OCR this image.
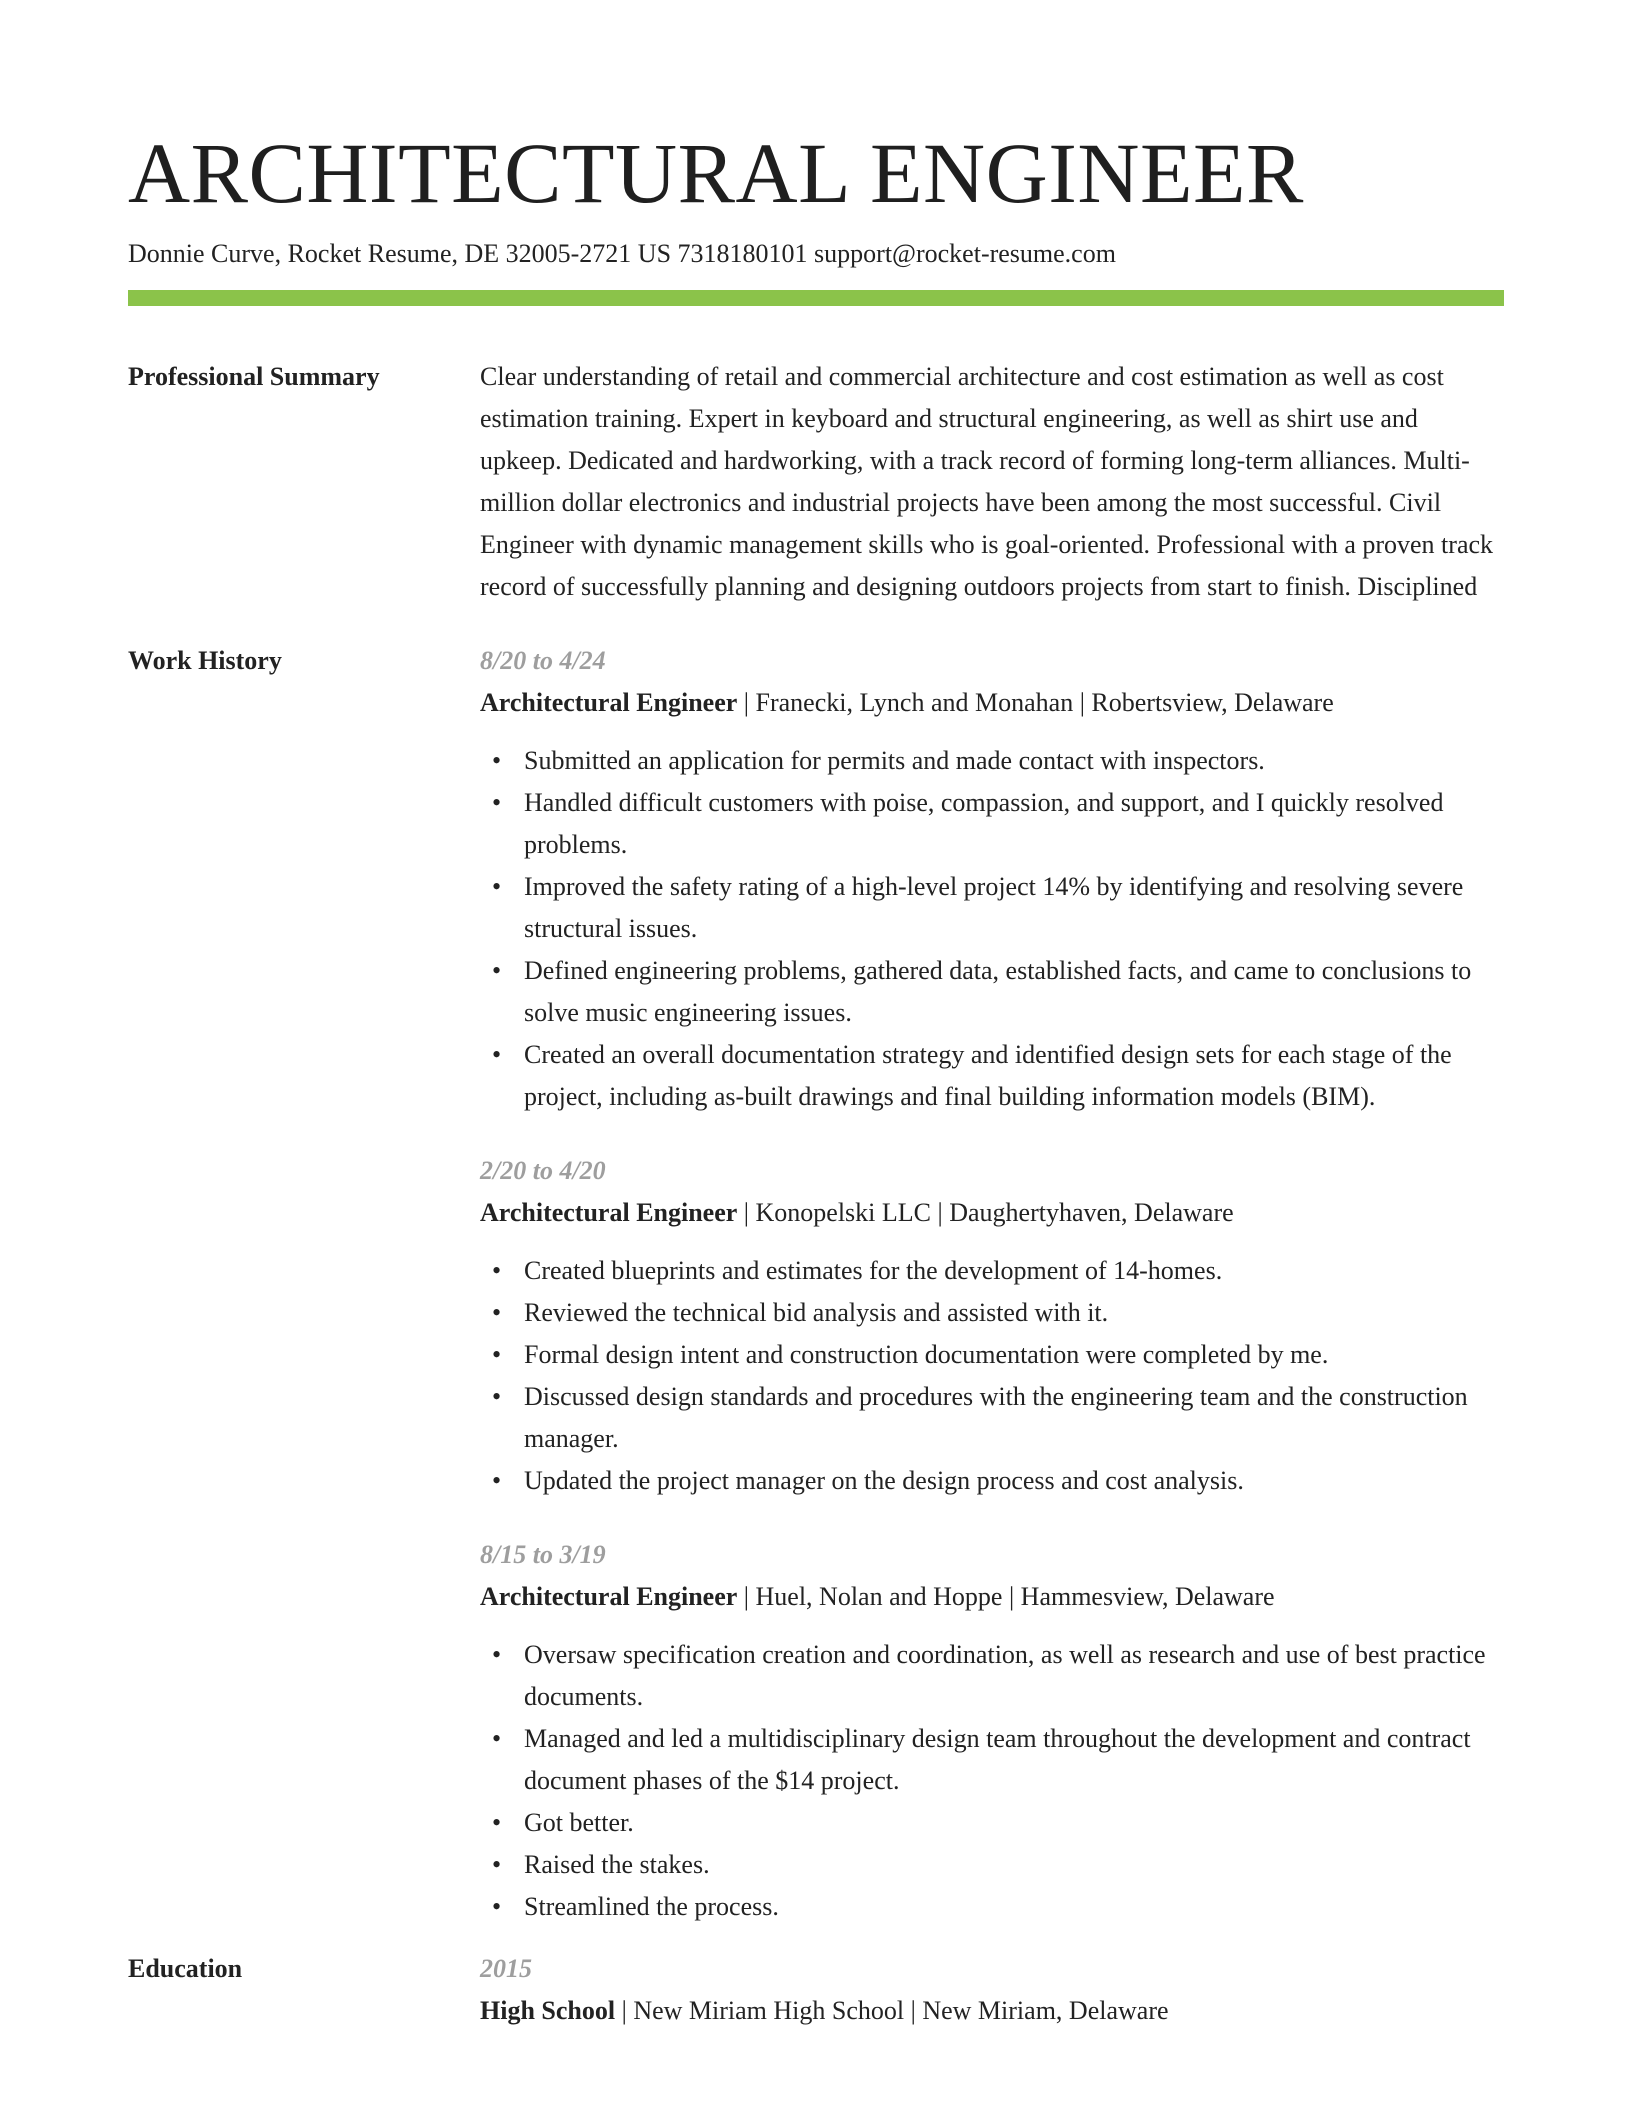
ARCHITECTURAL ENGINEER
Donnie Curve, Rocket Resume, DE 32005-2721 US 7318180101 support@rocket-resume.com
Professional Summary	Clear understanding of retail and commercial architecture and cost estimation as well as cost estimation training. Expert in keyboard and structural engineering, as well as shirt use and upkeep. Dedicated and hardworking, with a track record of forming long-term alliances. Multi-million dollar electronics and industrial projects have been among the most successful. Civil Engineer with dynamic management skills who is goal-oriented. Professional with a proven track record of successfully planning and designing outdoors projects from start to finish. Disciplined

Work History	8/20 to 4/24
Architectural Engineer | Franecki, Lynch and Monahan | Robertsview, Delaware
• Submitted an application for permits and made contact with inspectors.
• Handled difficult customers with poise, compassion, and support, and I quickly resolved problems.
• Improved the safety rating of a high-level project 14% by identifying and resolving severe structural issues.
• Defined engineering problems, gathered data, established facts, and came to conclusions to solve music engineering issues.
• Created an overall documentation strategy and identified design sets for each stage of the project, including as-built drawings and final building information models (BIM).
2/20 to 4/20
Architectural Engineer | Konopelski LLC | Daughertyhaven, Delaware
• Created blueprints and estimates for the development of 14-homes.
• Reviewed the technical bid analysis and assisted with it.
• Formal design intent and construction documentation were completed by me.
• Discussed design standards and procedures with the engineering team and the construction manager.
• Updated the project manager on the design process and cost analysis.
8/15 to 3/19
Architectural Engineer | Huel, Nolan and Hoppe | Hammesview, Delaware
• Oversaw specification creation and coordination, as well as research and use of best practice documents.
• Managed and led a multidisciplinary design team throughout the development and contract document phases of the $14 project.
• Got better.
• Raised the stakes.
• Streamlined the process.
Education	2015
High School | New Miriam High School | New Miriam, Delaware
